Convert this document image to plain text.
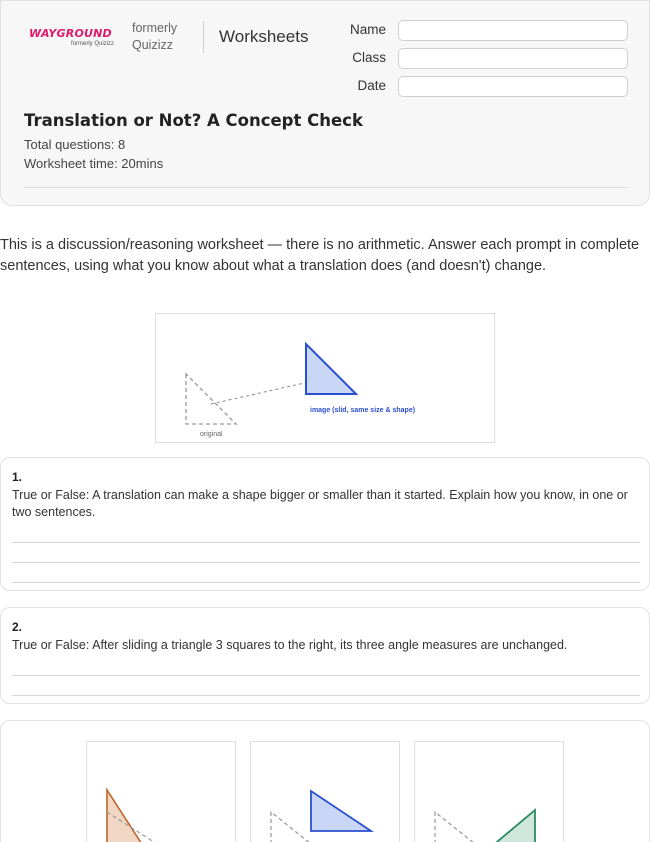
WAYGROUND
formerly Quizizz
formerly Quizizz	Worksheets	Name
Class
Date
Translation or Not? A Concept Check
Total questions: 8
Worksheet time: 20mins
This is a discussion/reasoning worksheet — there is no arithmetic. Answer each prompt in complete sentences, using what you know about what a translation does (and doesn't) change.
original
image (slid, same size & shape)
1.
True or False: A translation can make a shape bigger or smaller than it started. Explain how you know, in one or two sentences.
2.
True or False: After sliding a triangle 3 squares to the right, its three angle measures are unchanged.
